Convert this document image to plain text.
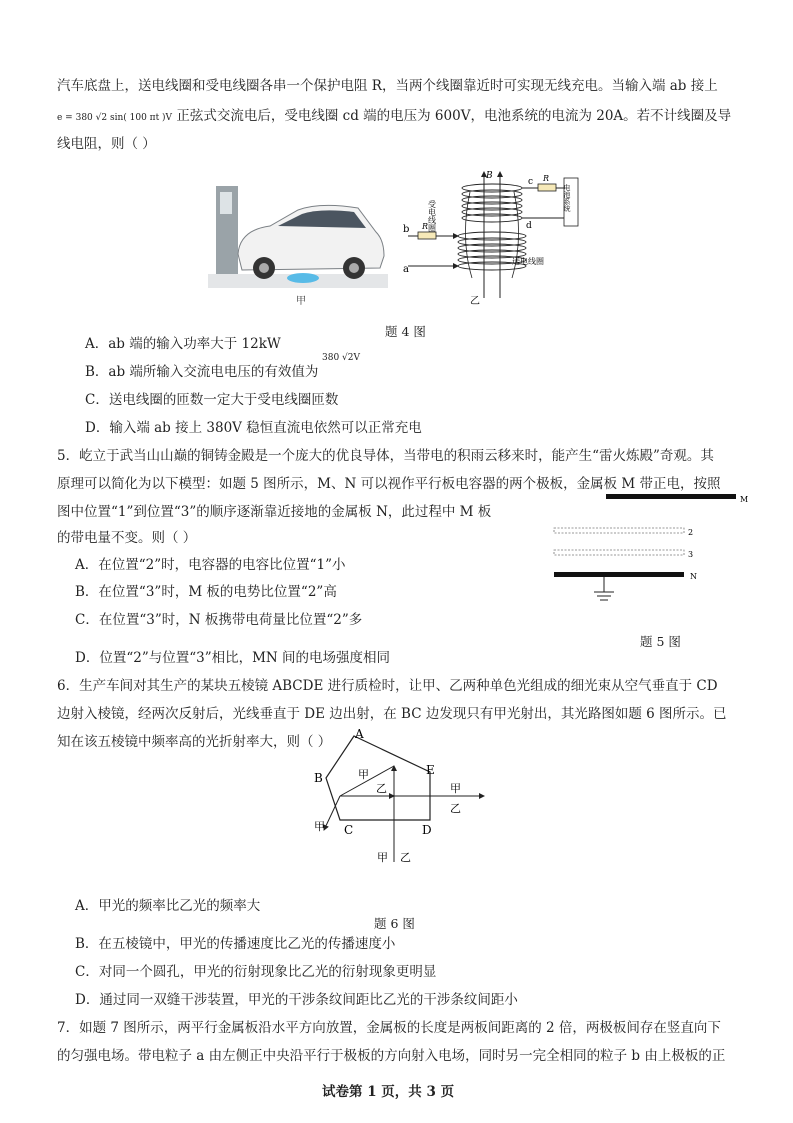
汽车底盘上，送电线圈和受电线圈各串一个保护电阻 R，当两个线圈靠近时可实现无线充电。当输入端 ab 接上
e = 380 √2 sin( 100 πt )V 正弦式交流电后，受电线圈 cd 端的电压为 600V，电池系统的电流为 20A。若不计线圈及导
线电阻，则（ ）
甲
B
受电线圈
送电线圈
电池系统
c R
d
R
b
a
乙
题 4 图
A．ab 端的输入功率大于 12kW
B．ab 端所输入交流电电压的有效值为
380 √2V
C．送电线圈的匝数一定大于受电线圈匝数
D．输入端 ab 接上 380V 稳恒直流电依然可以正常充电
5．屹立于武当山山巅的铜铸金殿是一个庞大的优良导体，当带电的积雨云移来时，能产生“雷火炼殿”奇观。其
原理可以简化为以下模型：如题 5 图所示，M、N 可以视作平行板电容器的两个极板，金属板 M 带正电，按照
图中位置“1”到位置“3”的顺序逐渐靠近接地的金属板 N，此过程中 M 板
的带电量不变。则（ ）
M
2
3
N
题 5 图
A．在位置“2”时，电容器的电容比位置“1”小
B．在位置“3”时，M 板的电势比位置“2”高
C．在位置“3”时，N 板携带电荷量比位置“2”多
D．位置“2”与位置“3”相比，MN 间的电场强度相同
6．生产车间对其生产的某块五棱镜 ABCDE 进行质检时，让甲、乙两种单色光组成的细光束从空气垂直于 CD
边射入棱镜，经两次反射后，光线垂直于 DE 边出射，在 BC 边发现只有甲光射出，其光路图如题 6 图所示。已
知在该五棱镜中频率高的光折射率大，则（ ） A
B
C	D
E
甲 乙
甲
乙	甲
乙
甲
A．甲光的频率比乙光的频率大
题 6 图
B．在五棱镜中，甲光的传播速度比乙光的传播速度小
C．对同一个圆孔，甲光的衍射现象比乙光的衍射现象更明显
D．通过同一双缝干涉装置，甲光的干涉条纹间距比乙光的干涉条纹间距小
7．如题 7 图所示，两平行金属板沿水平方向放置，金属板的长度是两板间距离的 2 倍，两极板间存在竖直向下
的匀强电场。带电粒子 a 由左侧正中央沿平行于极板的方向射入电场，同时另一完全相同的粒子 b 由上极板的正
试卷第 1 页，共 3 页
